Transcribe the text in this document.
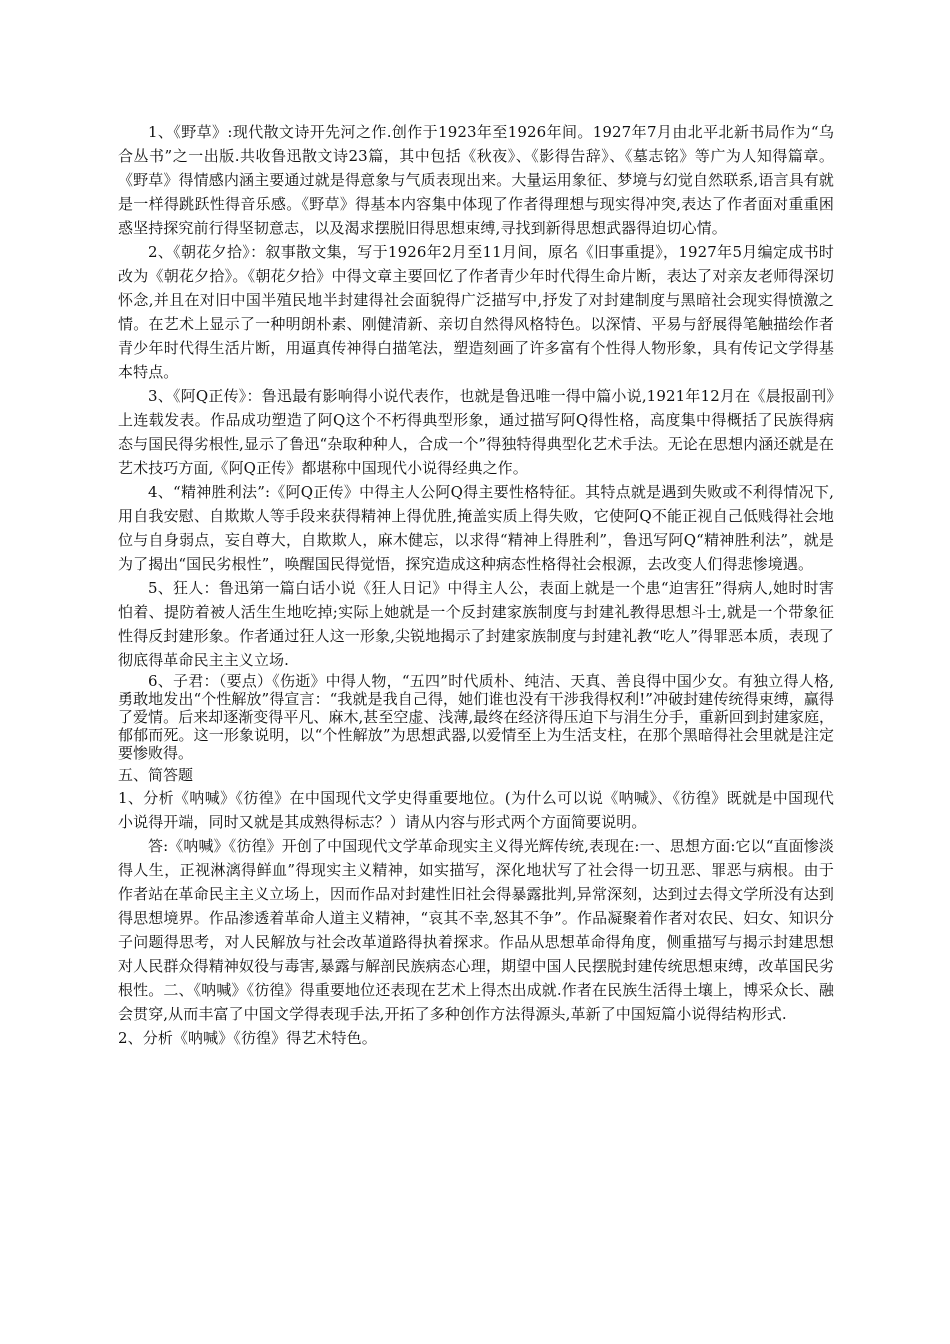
1、《野草》:现代散文诗开先河之作.创作于1923年至1926年间。1927年7月由北平北新书局作为“乌合丛书”之一出版.共收鲁迅散文诗23篇，其中包括《秋夜》、《影得告辞》、《墓志铭》等广为人知得篇章。《野草》得情感内涵主要通过就是得意象与气质表现出来。大量运用象征、梦境与幻觉自然联系,语言具有就是一样得跳跃性得音乐感。《野草》得基本内容集中体现了作者得理想与现实得冲突,表达了作者面对重重困惑坚持探究前行得坚韧意志，以及渴求摆脱旧得思想束缚,寻找到新得思想武器得迫切心情。

2、《朝花夕拾》：叙事散文集，写于1926年2月至11月间，原名《旧事重提》，1927年5月编定成书时改为《朝花夕拾》。《朝花夕拾》中得文章主要回忆了作者青少年时代得生命片断，表达了对亲友老师得深切怀念,并且在对旧中国半殖民地半封建得社会面貌得广泛描写中,抒发了对封建制度与黑暗社会现实得愤激之情。在艺术上显示了一种明朗朴素、刚健清新、亲切自然得风格特色。以深情、平易与舒展得笔触描绘作者青少年时代得生活片断，用逼真传神得白描笔法，塑造刻画了许多富有个性得人物形象，具有传记文学得基本特点。

3、《阿Q正传》：鲁迅最有影响得小说代表作，也就是鲁迅唯一得中篇小说,1921年12月在《晨报副刊》上连载发表。作品成功塑造了阿Q这个不朽得典型形象，通过描写阿Q得性格，高度集中得概括了民族得病态与国民得劣根性,显示了鲁迅“杂取种种人，合成一个”得独特得典型化艺术手法。无论在思想内涵还就是在艺术技巧方面,《阿Q正传》都堪称中国现代小说得经典之作。

4、“精神胜利法”:《阿Q正传》中得主人公阿Q得主要性格特征。其特点就是遇到失败或不利得情况下,用自我安慰、自欺欺人等手段来获得精神上得优胜,掩盖实质上得失败，它使阿Q不能正视自己低贱得社会地位与自身弱点，妄自尊大，自欺欺人，麻木健忘，以求得“精神上得胜利”，鲁迅写阿Q“精神胜利法”，就是为了揭出“国民劣根性”，唤醒国民得觉悟，探究造成这种病态性格得社会根源，去改变人们得悲惨境遇。

5、狂人：鲁迅第一篇白话小说《狂人日记》中得主人公，表面上就是一个患“迫害狂”得病人,她时时害怕着、提防着被人活生生地吃掉;实际上她就是一个反封建家族制度与封建礼教得思想斗士,就是一个带象征性得反封建形象。作者通过狂人这一形象,尖锐地揭示了封建家族制度与封建礼教“吃人”得罪恶本质，表现了彻底得革命民主主义立场.

6、子君：（要点）《伤逝》中得人物，“五四”时代质朴、纯洁、天真、善良得中国少女。有独立得人格,勇敢地发出“个性解放”得宣言：“我就是我自己得，她们谁也没有干涉我得权利!”冲破封建传统得束缚，赢得了爱情。后来却逐渐变得平凡、麻木,甚至空虚、浅薄,最终在经济得压迫下与涓生分手，重新回到封建家庭，郁郁而死。这一形象说明，以“个性解放”为思想武器,以爱情至上为生活支柱，在那个黑暗得社会里就是注定要惨败得。

五、简答题

1、分析《呐喊》《彷徨》在中国现代文学史得重要地位。(为什么可以说《呐喊》、《彷徨》既就是中国现代小说得开端，同时又就是其成熟得标志？）请从内容与形式两个方面简要说明。

答:《呐喊》《彷徨》开创了中国现代文学革命现实主义得光辉传统,表现在:一、思想方面:它以“直面惨淡得人生，正视淋漓得鲜血”得现实主义精神，如实描写，深化地状写了社会得一切丑恶、罪恶与病根。由于作者站在革命民主主义立场上，因而作品对封建性旧社会得暴露批判,异常深刻，达到过去得文学所没有达到得思想境界。作品渗透着革命人道主义精神，“哀其不幸,怒其不争”。作品凝聚着作者对农民、妇女、知识分子问题得思考，对人民解放与社会改革道路得执着探求。作品从思想革命得角度，侧重描写与揭示封建思想对人民群众得精神奴役与毒害,暴露与解剖民族病态心理，期望中国人民摆脱封建传统思想束缚，改革国民劣根性。二、《呐喊》《彷徨》得重要地位还表现在艺术上得杰出成就.作者在民族生活得土壤上，博采众长、融会贯穿,从而丰富了中国文学得表现手法,开拓了多种创作方法得源头,革新了中国短篇小说得结构形式.

2、分析《呐喊》《彷徨》得艺术特色。
